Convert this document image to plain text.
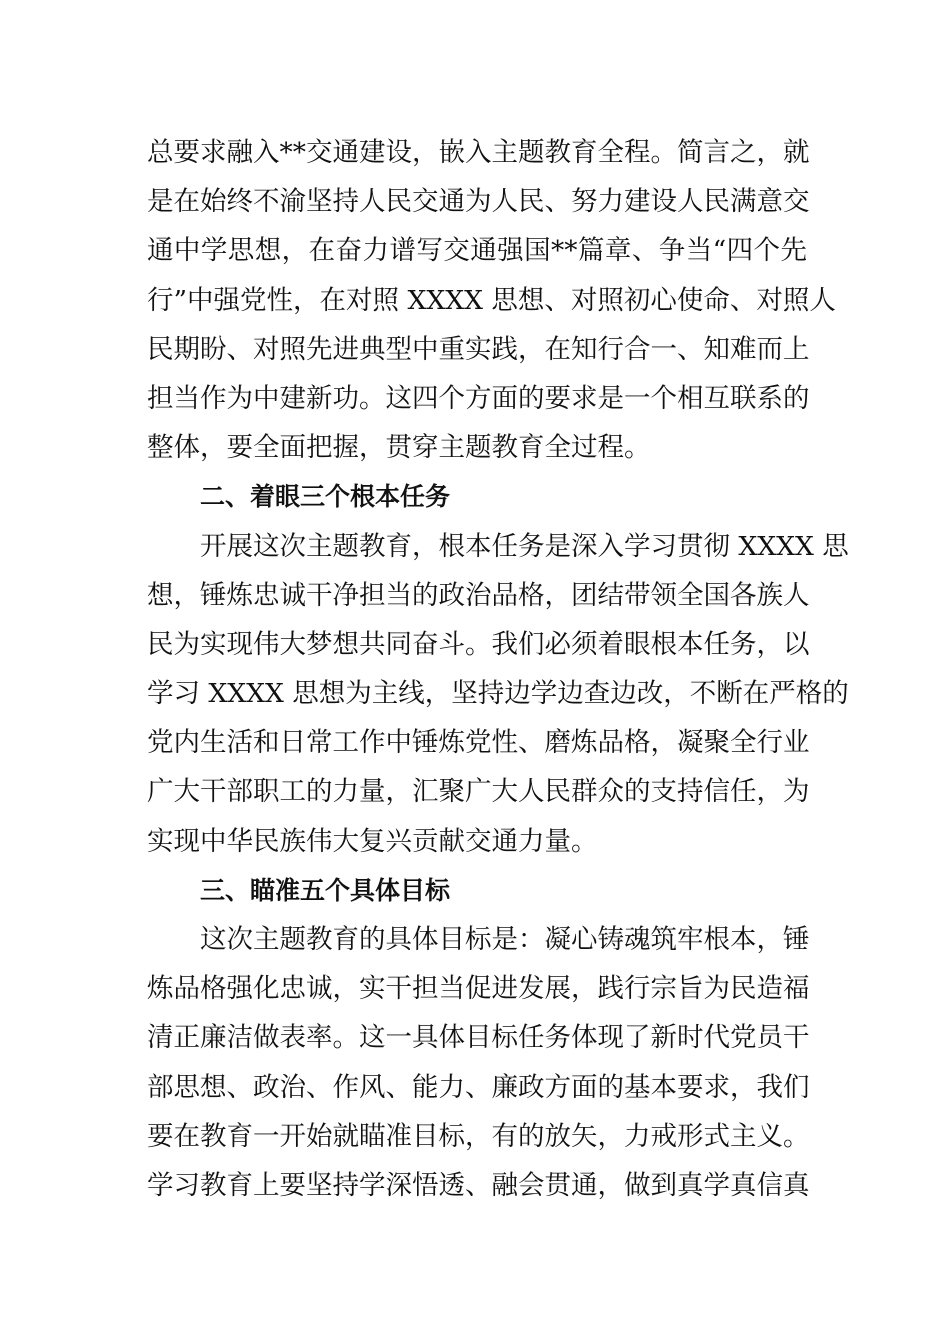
总要求融入**交通建设，嵌入主题教育全程。简言之，就
是在始终不渝坚持人民交通为人民、努力建设人民满意交
通中学思想，在奋力谱写交通强国**篇章、争当“四个先
行”中强党性，在对照 XXXX 思想、对照初心使命、对照人
民期盼、对照先进典型中重实践，在知行合一、知难而上
担当作为中建新功。这四个方面的要求是一个相互联系的
整体，要全面把握，贯穿主题教育全过程。
二、着眼三个根本任务
开展这次主题教育，根本任务是深入学习贯彻 XXXX 思
想，锤炼忠诚干净担当的政治品格，团结带领全国各族人
民为实现伟大梦想共同奋斗。我们必须着眼根本任务，以
学习 XXXX 思想为主线，坚持边学边查边改，不断在严格的
党内生活和日常工作中锤炼党性、磨炼品格，凝聚全行业
广大干部职工的力量，汇聚广大人民群众的支持信任，为
实现中华民族伟大复兴贡献交通力量。
三、瞄准五个具体目标
这次主题教育的具体目标是：凝心铸魂筑牢根本，锤
炼品格强化忠诚，实干担当促进发展，践行宗旨为民造福
清正廉洁做表率。这一具体目标任务体现了新时代党员干
部思想、政治、作风、能力、廉政方面的基本要求，我们
要在教育一开始就瞄准目标，有的放矢，力戒形式主义。
学习教育上要坚持学深悟透、融会贯通，做到真学真信真
